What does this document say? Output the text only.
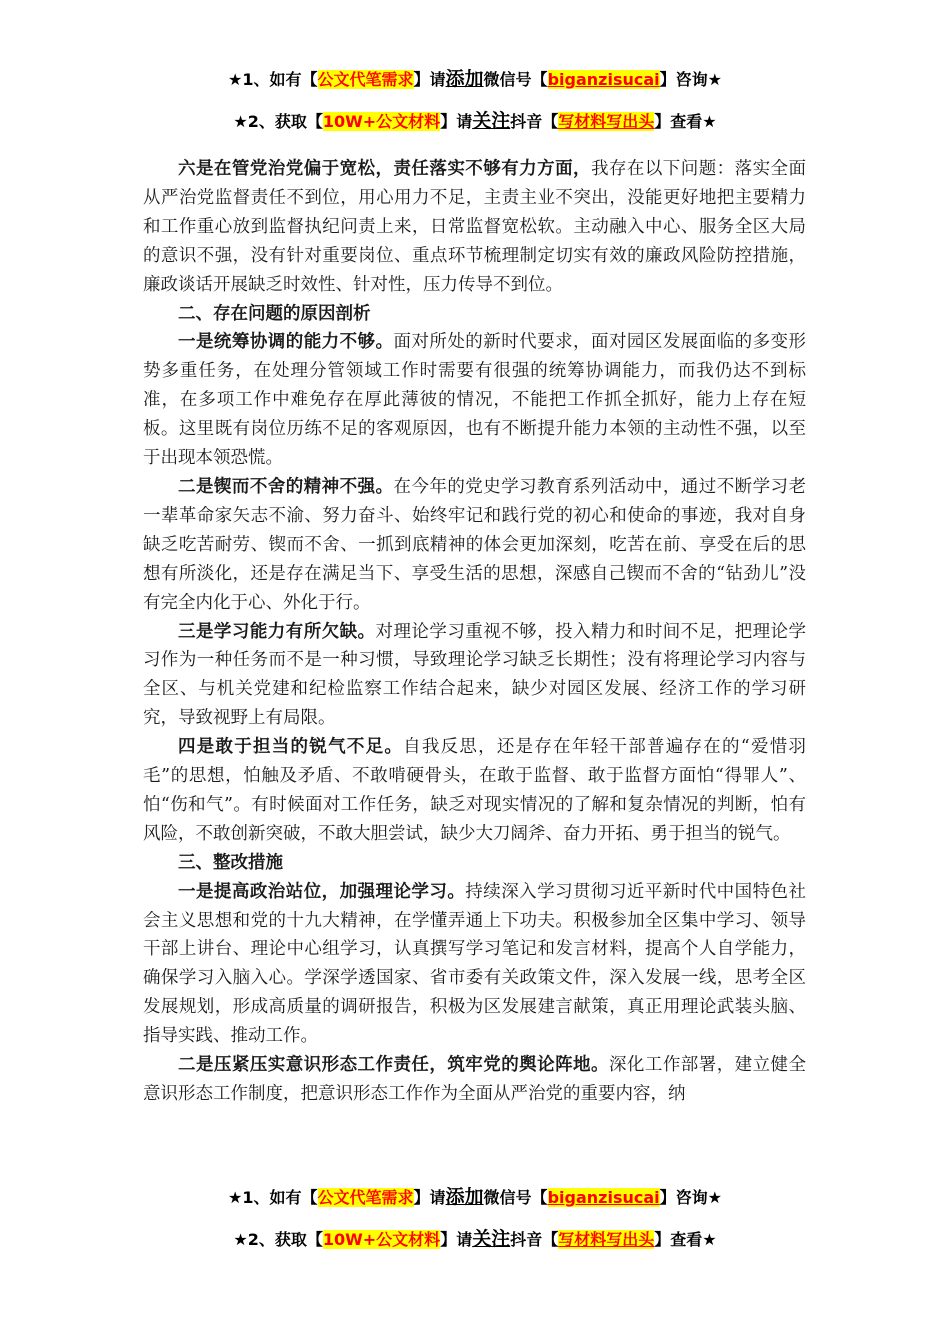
★1、如有【公文代笔需求】请添加微信号【biganzisucai】咨询★
★2、获取【10W+公文材料】请关注抖音【写材料写出头】查看★

六是在管党治党偏于宽松，责任落实不够有力方面，我存在以下问题：落实全面从严治党监督责任不到位，用心用力不足，主责主业不突出，没能更好地把主要精力和工作重心放到监督执纪问责上来，日常监督宽松软。主动融入中心、服务全区大局的意识不强，没有针对重要岗位、重点环节梳理制定切实有效的廉政风险防控措施，廉政谈话开展缺乏时效性、针对性，压力传导不到位。

二、存在问题的原因剖析

一是统筹协调的能力不够。面对所处的新时代要求，面对园区发展面临的多变形势多重任务，在处理分管领域工作时需要有很强的统筹协调能力，而我仍达不到标准，在多项工作中难免存在厚此薄彼的情况，不能把工作抓全抓好，能力上存在短板。这里既有岗位历练不足的客观原因，也有不断提升能力本领的主动性不强，以至于出现本领恐慌。

二是锲而不舍的精神不强。在今年的党史学习教育系列活动中，通过不断学习老一辈革命家矢志不渝、努力奋斗、始终牢记和践行党的初心和使命的事迹，我对自身缺乏吃苦耐劳、锲而不舍、一抓到底精神的体会更加深刻，吃苦在前、享受在后的思想有所淡化，还是存在满足当下、享受生活的思想，深感自己锲而不舍的“钻劲儿”没有完全内化于心、外化于行。

三是学习能力有所欠缺。对理论学习重视不够，投入精力和时间不足，把理论学习作为一种任务而不是一种习惯，导致理论学习缺乏长期性；没有将理论学习内容与全区、与机关党建和纪检监察工作结合起来，缺少对园区发展、经济工作的学习研究，导致视野上有局限。

四是敢于担当的锐气不足。自我反思，还是存在年轻干部普遍存在的“爱惜羽毛”的思想，怕触及矛盾、不敢啃硬骨头，在敢于监督、敢于监督方面怕“得罪人”、怕“伤和气”。有时候面对工作任务，缺乏对现实情况的了解和复杂情况的判断，怕有风险，不敢创新突破，不敢大胆尝试，缺少大刀阔斧、奋力开拓、勇于担当的锐气。

三、整改措施

一是提高政治站位，加强理论学习。持续深入学习贯彻习近平新时代中国特色社会主义思想和党的十九大精神，在学懂弄通上下功夫。积极参加全区集中学习、领导干部上讲台、理论中心组学习，认真撰写学习笔记和发言材料，提高个人自学能力，确保学习入脑入心。学深学透国家、省市委有关政策文件，深入发展一线，思考全区发展规划，形成高质量的调研报告，积极为区发展建言献策，真正用理论武装头脑、指导实践、推动工作。

二是压紧压实意识形态工作责任，筑牢党的舆论阵地。深化工作部署，建立健全意识形态工作制度，把意识形态工作作为全面从严治党的重要内容，纳

★1、如有【公文代笔需求】请添加微信号【biganzisucai】咨询★
★2、获取【10W+公文材料】请关注抖音【写材料写出头】查看★
